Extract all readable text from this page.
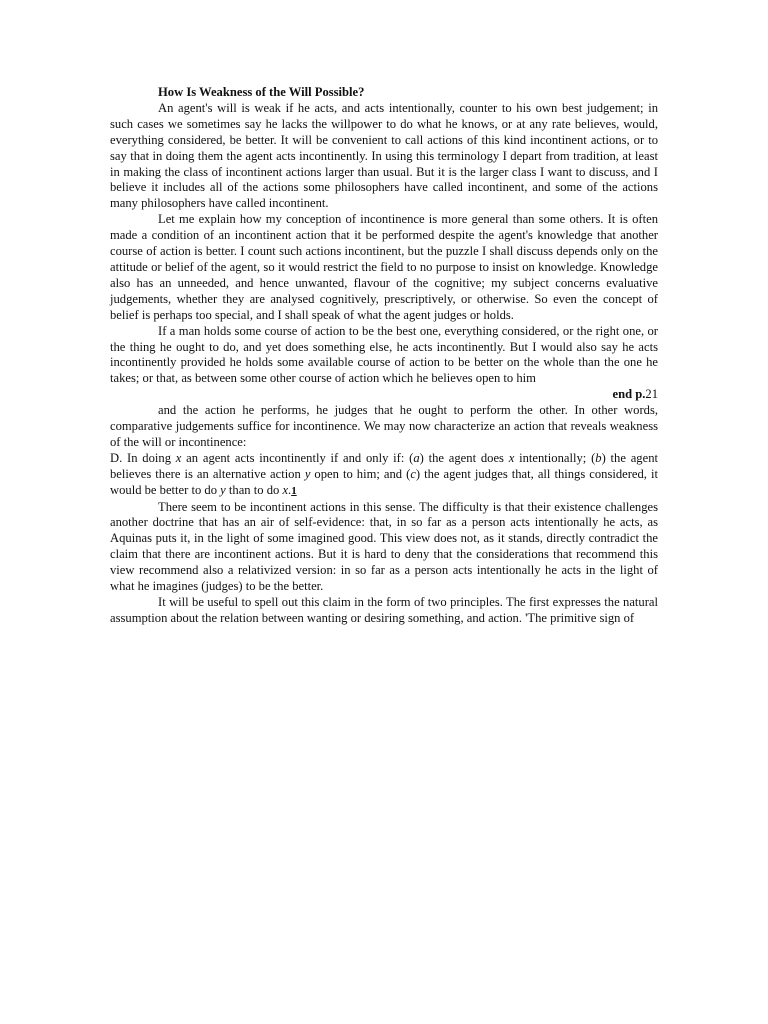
How Is Weakness of the Will Possible?

An agent's will is weak if he acts, and acts intentionally, counter to his own best judgement; in such cases we sometimes say he lacks the willpower to do what he knows, or at any rate believes, would, everything considered, be better. It will be convenient to call actions of this kind incontinent actions, or to say that in doing them the agent acts incontinently. In using this terminology I depart from tradition, at least in making the class of incontinent actions larger than usual. But it is the larger class I want to discuss, and I believe it includes all of the actions some philosophers have called incontinent, and some of the actions many philosophers have called incontinent.

Let me explain how my conception of incontinence is more general than some others. It is often made a condition of an incontinent action that it be performed despite the agent's knowledge that another course of action is better. I count such actions incontinent, but the puzzle I shall discuss depends only on the attitude or belief of the agent, so it would restrict the field to no purpose to insist on knowledge. Knowledge also has an unneeded, and hence unwanted, flavour of the cognitive; my subject concerns evaluative judgements, whether they are analysed cognitively, prescriptively, or otherwise. So even the concept of belief is perhaps too special, and I shall speak of what the agent judges or holds.

If a man holds some course of action to be the best one, everything considered, or the right one, or the thing he ought to do, and yet does something else, he acts incontinently. But I would also say he acts incontinently provided he holds some available course of action to be better on the whole than the one he takes; or that, as between some other course of action which he believes open to him

end p.21

and the action he performs, he judges that he ought to perform the other. In other words, comparative judgements suffice for incontinence. We may now characterize an action that reveals weakness of the will or incontinence:

D. In doing x an agent acts incontinently if and only if: (a) the agent does x intentionally; (b) the agent believes there is an alternative action y open to him; and (c) the agent judges that, all things considered, it would be better to do y than to do x.1

There seem to be incontinent actions in this sense. The difficulty is that their existence challenges another doctrine that has an air of self-evidence: that, in so far as a person acts intentionally he acts, as Aquinas puts it, in the light of some imagined good. This view does not, as it stands, directly contradict the claim that there are incontinent actions. But it is hard to deny that the considerations that recommend this view recommend also a relativized version: in so far as a person acts intentionally he acts in the light of what he imagines (judges) to be the better.

It will be useful to spell out this claim in the form of two principles. The first expresses the natural assumption about the relation between wanting or desiring something, and action. 'The primitive sign of
